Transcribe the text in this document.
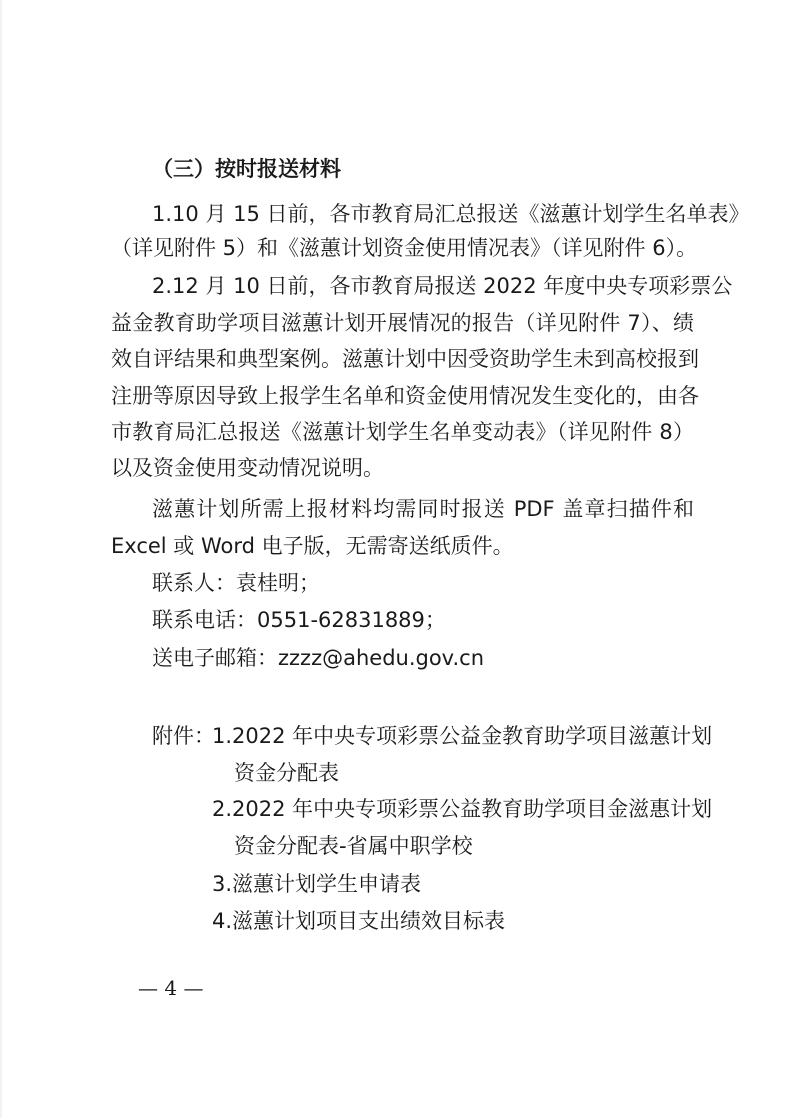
（三）按时报送材料
1.10 月 15 日前，各市教育局汇总报送《滋蕙计划学生名单表》
（详见附件 5）和《滋蕙计划资金使用情况表》（详见附件 6）。
2.12 月 10 日前，各市教育局报送 2022 年度中央专项彩票公
益金教育助学项目滋蕙计划开展情况的报告（详见附件 7）、绩
效自评结果和典型案例。滋蕙计划中因受资助学生未到高校报到
注册等原因导致上报学生名单和资金使用情况发生变化的，由各
市教育局汇总报送《滋蕙计划学生名单变动表》（详见附件 8）
以及资金使用变动情况说明。
滋蕙计划所需上报材料均需同时报送 PDF 盖章扫描件和
Excel 或 Word 电子版，无需寄送纸质件。
联系人：袁桂明；
联系电话：0551-62831889；
送电子邮箱：zzzz@ahedu.gov.cn
附件：
1.2022 年中央专项彩票公益金教育助学项目滋蕙计划
资金分配表
2.2022 年中央专项彩票公益教育助学项目金滋惠计划
资金分配表-省属中职学校
3.滋蕙计划学生申请表
4.滋蕙计划项目支出绩效目标表
— 4 —
